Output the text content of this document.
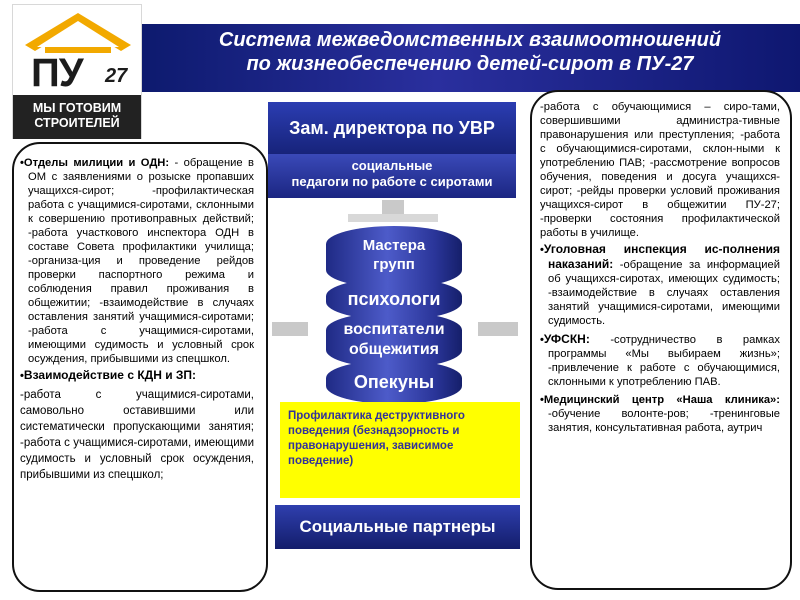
Система межведомственных взаимоотношений
по жизнеобеспечению детей-сирот в ПУ-27
ПУ 27
МЫ ГОТОВИМ
СТРОИТЕЛЕЙ	Зам. директора по УВР
социальные
педагоги по работе с сиротами
Опекуны
воспитатели
общежития
психологи
Мастера
групп
Профилактика деструктивного поведения (безнадзорность и правонарушения, зависимое поведение)
Социальные партнеры

•Отделы милиции и ОДН: - обращение в ОМ с заявлениями о розыске пропавших учащихся-сирот; -профилактическая работа с учащимися-сиротами, склонными к совершению противоправных действий; -работа участкового инспектора ОДН в составе Совета профилактики училища; -организа-ция и проведение рейдов проверки паспортного режима и соблюдения правил проживания в общежитии; -взаимодействие в случаях оставления занятий учащимися-сиротами; -работа с учащимися-сиротами, имеющими судимость и условный срок осуждения, прибывшими из спецшкол.

•Взаимодействие с КДН и ЗП:

-работа с учащимися-сиротами, самовольно оставившими или систематически пропускающими занятия; -работа с учащимися-сиротами, имеющими судимость и условный срок осуждения, прибывшими из спецшкол;

-работа с обучающимися – сиро-тами, совершившими администра-тивные правонарушения или преступления; -работа с обучающимися-сиротами, склон-ными к употреблению ПАВ; -рассмотрение вопросов обучения, поведения и досуга учащихся-сирот; -рейды проверки условий проживания учащихся-сирот в общежитии ПУ-27; -проверки состояния профилактической работы в училище.

•Уголовная инспекция ис-полнения наказаний: -обращение за информацией об учащихся-сиротах, имеющих судимость; -взаимодействие в случаях оставления занятий учащимися-сиротами, имеющими судимость.

•УФСКН: -сотрудничество в рамках программы «Мы выбираем жизнь»; -привлечение к работе с обучающимися, склонными к употреблению ПАВ.

•Медицинский центр «Наша клиника»: -обучение волонте-ров; -тренинговые занятия, консультативная работа, аутрич
